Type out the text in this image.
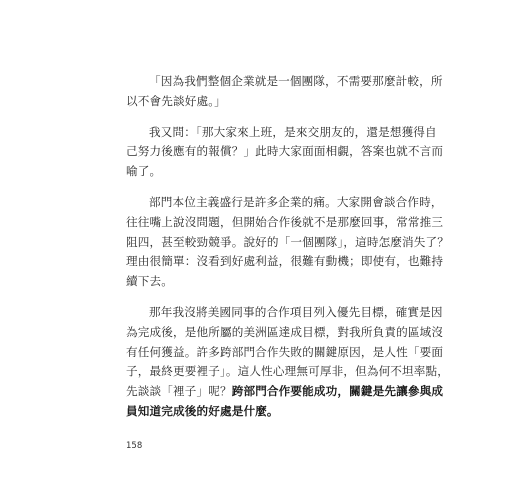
「因為我們整個企業就是一個團隊，不需要那麼計較，所
以不會先談好處。」
我又問：「那大家來上班，是來交朋友的，還是想獲得自
己努力後應有的報償？」此時大家面面相覷，答案也就不言而
喻了。
部門本位主義盛行是許多企業的痛。大家開會談合作時，
往往嘴上說沒問題，但開始合作後就不是那麼回事，常常推三
阻四，甚至較勁競爭。說好的「一個團隊」，這時怎麼消失了？
理由很簡單：沒看到好處利益，很難有動機；即使有，也難持
續下去。
那年我沒將美國同事的合作項目列入優先目標，確實是因
為完成後，是他所屬的美洲區達成目標，對我所負責的區域沒
有任何獲益。許多跨部門合作失敗的關鍵原因，是人性「要面
子，最終更要裡子」。這人性心理無可厚非，但為何不坦率點，
先談談「裡子」呢？跨部門合作要能成功，關鍵是先讓參與成
員知道完成後的好處是什麼。
158
